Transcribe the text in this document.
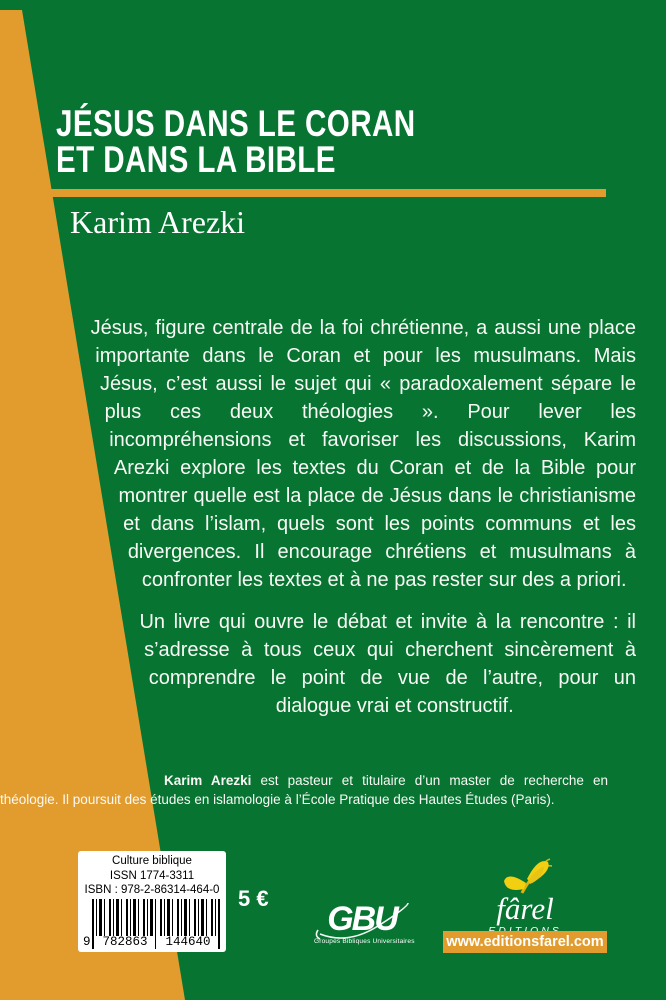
JÉSUS DANS LE CORAN
ET DANS LA BIBLE
Karim Arezki

Jésus, figure centrale de la foi chrétienne, a aussi une place importante dans le Coran et pour les musulmans. Mais Jésus, c’est aussi le sujet qui « paradoxalement sépare le plus ces deux théologies ». Pour lever les incompréhensions et favoriser les discussions, Karim Arezki explore les textes du Coran et de la Bible pour montrer quelle est la place de Jésus dans le christianisme et dans l’islam, quels sont les points communs et les divergences. Il encourage chrétiens et musulmans à confronter les textes et à ne pas rester sur des a priori.

Un livre qui ouvre le débat et invite à la rencontre : il s’adresse à tous ceux qui cherchent sincèrement à comprendre le point de vue de l’autre, pour un dialogue vrai et constructif.

Karim Arezki est pasteur et titulaire d’un master de recherche en théologie. Il poursuit des études en islamologie à l’École Pratique des Hautes Études (Paris).

Culture biblique
ISSN 1774-3311
ISBN : 978-2-86314-464-0
9 782863	144640
5 €
GBU
Groupes Bibliques Universitaires
fârel
www.editionsfarel.com
